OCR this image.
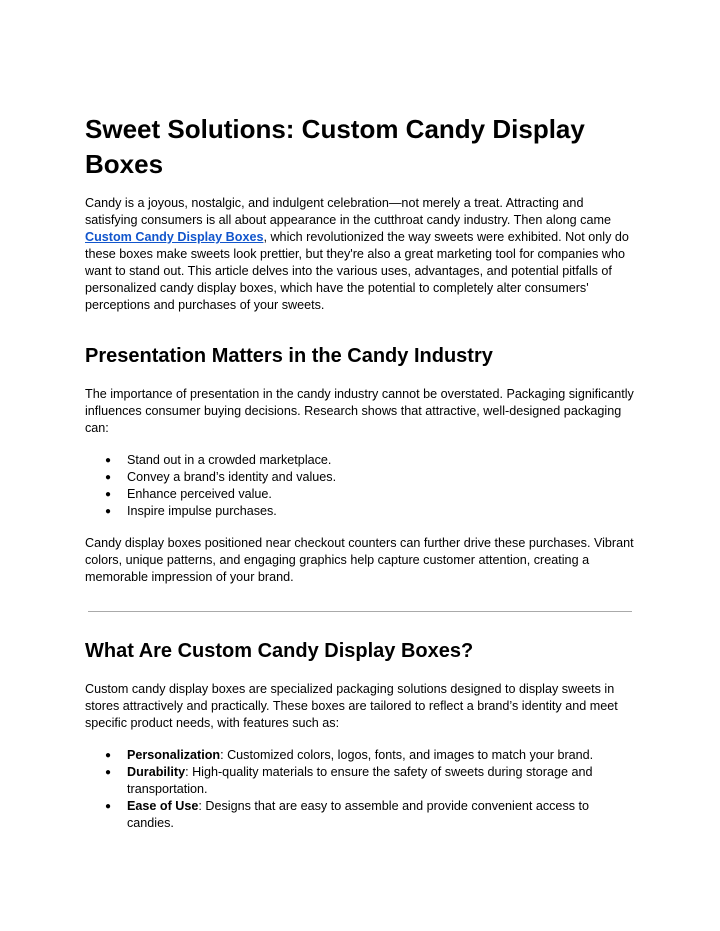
Sweet Solutions: Custom Candy Display Boxes

Candy is a joyous, nostalgic, and indulgent celebration—not merely a treat. Attracting and satisfying consumers is all about appearance in the cutthroat candy industry. Then along came Custom Candy Display Boxes, which revolutionized the way sweets were exhibited. Not only do these boxes make sweets look prettier, but they're also a great marketing tool for companies who want to stand out. This article delves into the various uses, advantages, and potential pitfalls of personalized candy display boxes, which have the potential to completely alter consumers' perceptions and purchases of your sweets.

Presentation Matters in the Candy Industry

The importance of presentation in the candy industry cannot be overstated. Packaging significantly influences consumer buying decisions. Research shows that attractive, well-designed packaging can:

● Stand out in a crowded marketplace.
● Convey a brand’s identity and values.
● Enhance perceived value.
● Inspire impulse purchases.

Candy display boxes positioned near checkout counters can further drive these purchases. Vibrant colors, unique patterns, and engaging graphics help capture customer attention, creating a memorable impression of your brand.

What Are Custom Candy Display Boxes?

Custom candy display boxes are specialized packaging solutions designed to display sweets in stores attractively and practically. These boxes are tailored to reflect a brand’s identity and meet specific product needs, with features such as:

● Personalization: Customized colors, logos, fonts, and images to match your brand.
● Durability: High-quality materials to ensure the safety of sweets during storage and transportation.
● Ease of Use: Designs that are easy to assemble and provide convenient access to candies.
